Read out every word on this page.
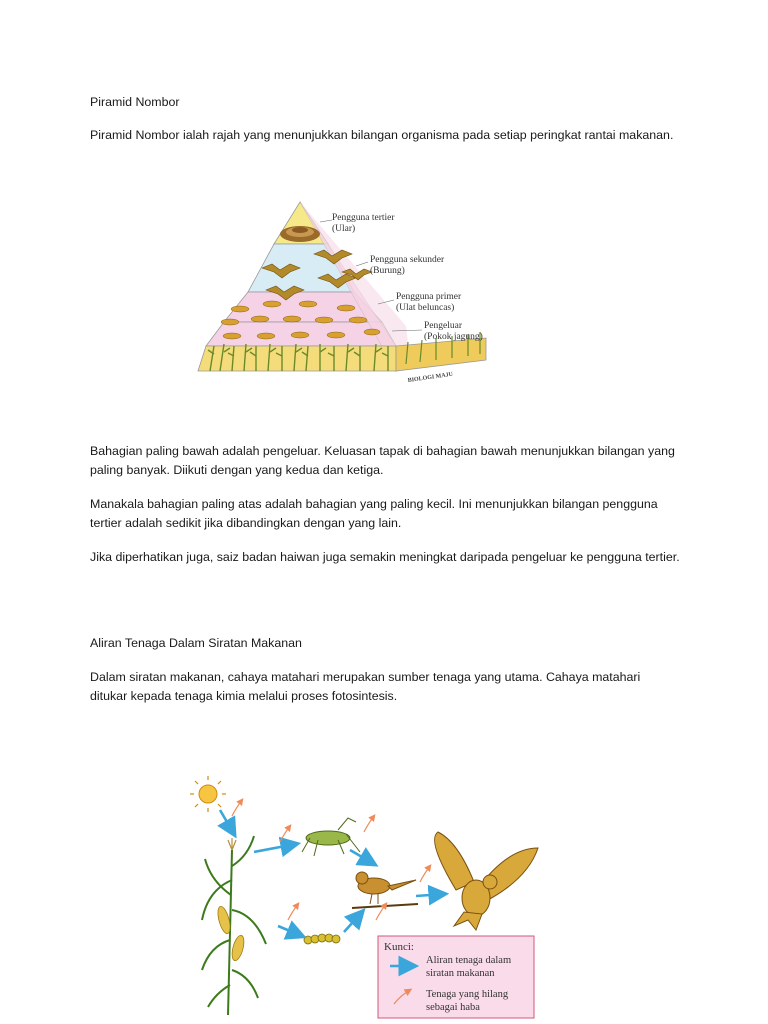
Piramid Nombor

Piramid Nombor ialah rajah yang menunjukkan bilangan organisma pada setiap peringkat rantai makanan.

Pengguna tertier
(Ular)
Pengguna sekunder
(Burung)
Pengguna primer
(Ulat beluncas)
Pengeluar
(Pokok jagung)
BIOLOGI MAJU

Bahagian paling bawah adalah pengeluar. Keluasan tapak di bahagian bawah menunjukkan bilangan yang paling banyak. Diikuti dengan yang kedua dan ketiga.

Manakala bahagian paling atas adalah bahagian yang paling kecil. Ini menunjukkan bilangan pengguna tertier adalah sedikit jika dibandingkan dengan yang lain.

Jika diperhatikan juga, saiz badan haiwan juga semakin meningkat daripada pengeluar ke pengguna tertier.

Aliran Tenaga Dalam Siratan Makanan

Dalam siratan makanan, cahaya matahari merupakan sumber tenaga yang utama. Cahaya matahari ditukar kepada tenaga kimia melalui proses fotosintesis.

Kunci:
Aliran tenaga dalam
siratan makanan
Tenaga yang hilang
sebagai haba
